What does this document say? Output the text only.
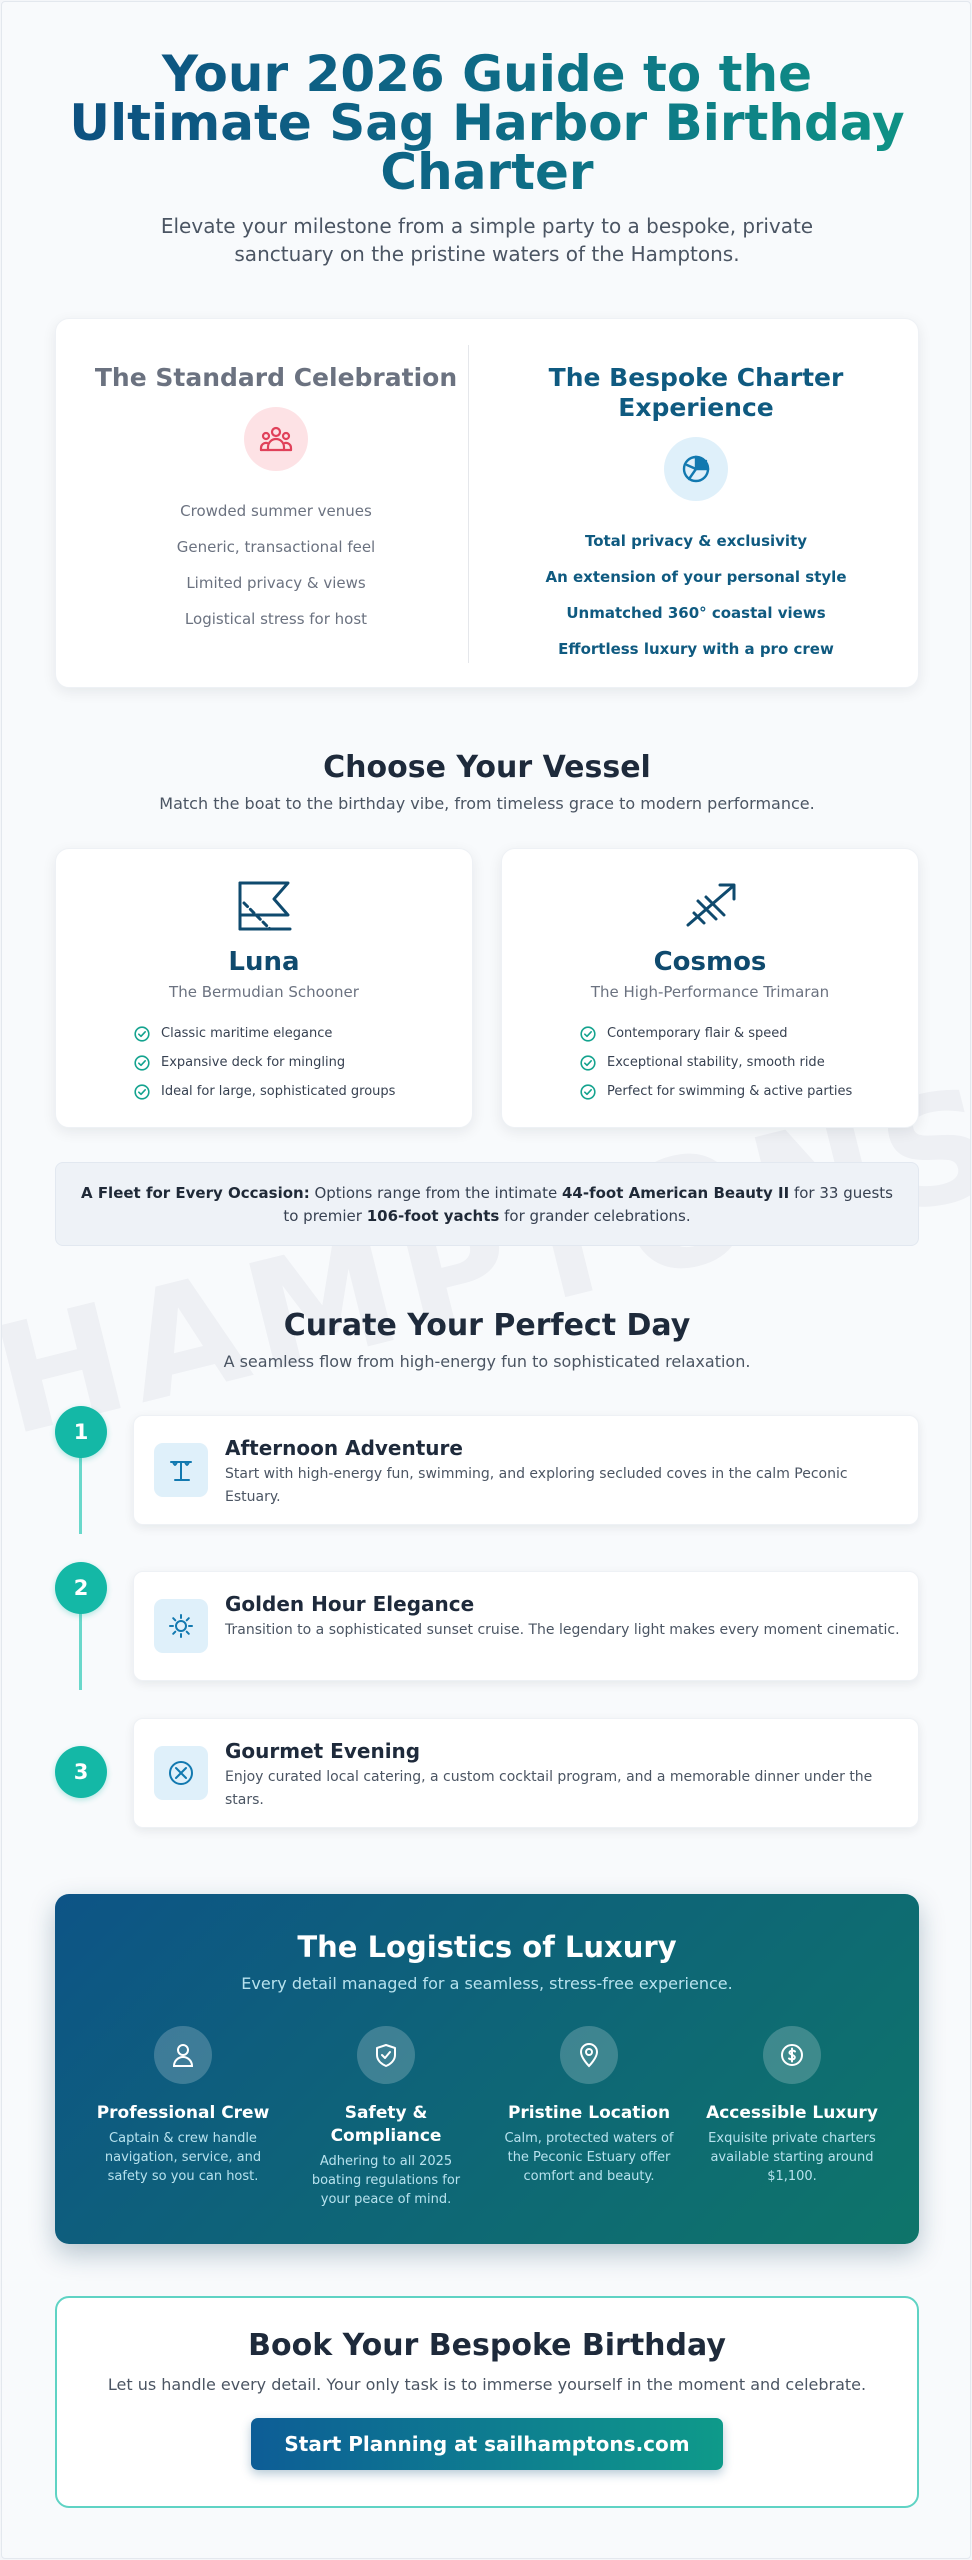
Your 2026 Guide to the
Ultimate Sag Harbor Birthday
Charter

Elevate your milestone from a simple party to a bespoke, private sanctuary on the pristine waters of the Hamptons.

The Standard Celebration
Crowded summer venues
Generic, transactional feel
Limited privacy & views
Logistical stress for host
The Bespoke Charter Experience
Total privacy & exclusivity
An extension of your personal style
Unmatched 360° coastal views
Effortless luxury with a pro crew
Choose Your Vessel

Match the boat to the birthday vibe, from timeless grace to modern performance.

Luna
The Bermudian Schooner
Classic maritime elegance
Expansive deck for mingling
Ideal for large, sophisticated groups
Cosmos
The High-Performance Trimaran
Contemporary flair & speed
Exceptional stability, smooth ride
Perfect for swimming & active parties
A Fleet for Every Occasion: Options range from the intimate 44-foot American Beauty II for 33 guests to premier 106-foot yachts for grander celebrations.
Curate Your Perfect Day

A seamless flow from high-energy fun to sophisticated relaxation.

1
Afternoon Adventure
Start with high-energy fun, swimming, and exploring secluded coves in the calm Peconic Estuary.
2
Golden Hour Elegance
Transition to a sophisticated sunset cruise. The legendary light makes every moment cinematic.
3
Gourmet Evening
Enjoy curated local catering, a custom cocktail program, and a memorable dinner under the stars.
The Logistics of Luxury
Every detail managed for a seamless, stress-free experience.
Professional Crew
Captain & crew handle navigation, service, and safety so you can host.
Safety &
Compliance
Adhering to all 2025 boating regulations for your peace of mind.
Pristine Location
Calm, protected waters of the Peconic Estuary offer comfort and beauty.
Accessible Luxury
Exquisite private charters available starting around $1,100.
Book Your Bespoke Birthday
Let us handle every detail. Your only task is to immerse yourself in the moment and celebrate.
Start Planning at sailhamptons.com
